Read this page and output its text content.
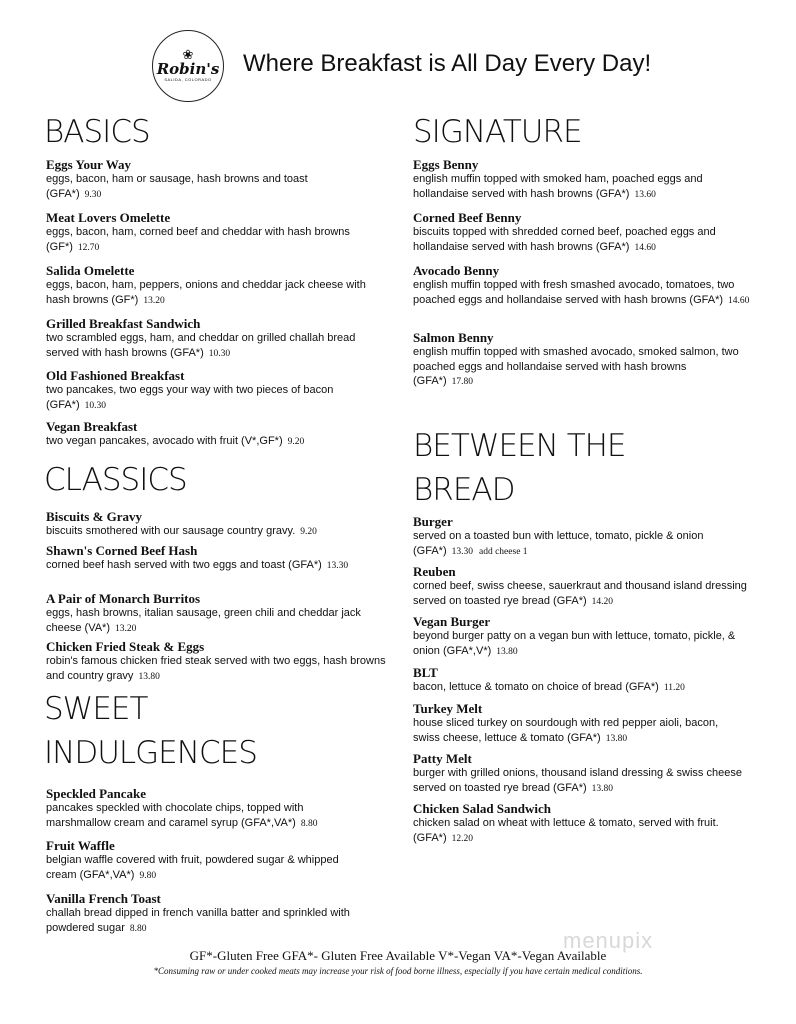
❀
Robin's
SALIDA, COLORADO
Where Breakfast is All Day Every Day!
BASICS
Eggs Your Way
eggs, bacon, ham or sausage, hash browns and toast (GFA*) 9.30
Meat Lovers Omelette
eggs, bacon, ham, corned beef and cheddar with hash browns (GF*) 12.70
Salida Omelette
eggs, bacon, ham, peppers, onions and cheddar jack cheese with hash browns (GF*) 13.20
Grilled Breakfast Sandwich
two scrambled eggs, ham, and cheddar on grilled challah bread served with hash browns (GFA*) 10.30
Old Fashioned Breakfast
two pancakes, two eggs your way with two pieces of bacon (GFA*) 10.30
Vegan Breakfast
two vegan pancakes, avocado with fruit (V*,GF*) 9.20
CLASSICS
Biscuits & Gravy
biscuits smothered with our sausage country gravy. 9.20
Shawn's Corned Beef Hash
corned beef hash served with two eggs and toast (GFA*) 13.30
A Pair of Monarch Burritos
eggs, hash browns, italian sausage, green chili and cheddar jack cheese (VA*) 13.20
Chicken Fried Steak & Eggs
robin's famous chicken fried steak served with two eggs, hash browns and country gravy 13.80
SWEET
INDULGENCES
Speckled Pancake
pancakes speckled with chocolate chips, topped with marshmallow cream and caramel syrup (GFA*,VA*) 8.80
Fruit Waffle
belgian waffle covered with fruit, powdered sugar & whipped cream (GFA*,VA*) 9.80
Vanilla French Toast
challah bread dipped in french vanilla batter and sprinkled with powdered sugar 8.80
SIGNATURE
Eggs Benny
english muffin topped with smoked ham, poached eggs and hollandaise served with hash browns (GFA*) 13.60
Corned Beef Benny
biscuits topped with shredded corned beef, poached eggs and hollandaise served with hash browns (GFA*) 14.60
Avocado Benny
english muffin topped with fresh smashed avocado, tomatoes, two poached eggs and hollandaise served with hash browns (GFA*) 14.60
Salmon Benny
english muffin topped with smashed avocado, smoked salmon, two poached eggs and hollandaise served with hash browns (GFA*) 17.80
BETWEEN THE
BREAD
Burger
served on a toasted bun with lettuce, tomato, pickle & onion (GFA*) 13.30 add cheese 1
Reuben
corned beef, swiss cheese, sauerkraut and thousand island dressing served on toasted rye bread (GFA*) 14.20
Vegan Burger
beyond burger patty on a vegan bun with lettuce, tomato, pickle, & onion (GFA*,V*) 13.80
BLT
bacon, lettuce & tomato on choice of bread (GFA*) 11.20
Turkey Melt
house sliced turkey on sourdough with red pepper aioli, bacon, swiss cheese, lettuce & tomato (GFA*) 13.80
Patty Melt
burger with grilled onions, thousand island dressing & swiss cheese served on toasted rye bread (GFA*) 13.80
Chicken Salad Sandwich
chicken salad on wheat with lettuce & tomato, served with fruit. (GFA*) 12.20
menupix
GF*-Gluten Free GFA*- Gluten Free Available V*-Vegan VA*-Vegan Available
*Consuming raw or under cooked meats may increase your risk of food borne illness, especially if you have certain medical conditions.
